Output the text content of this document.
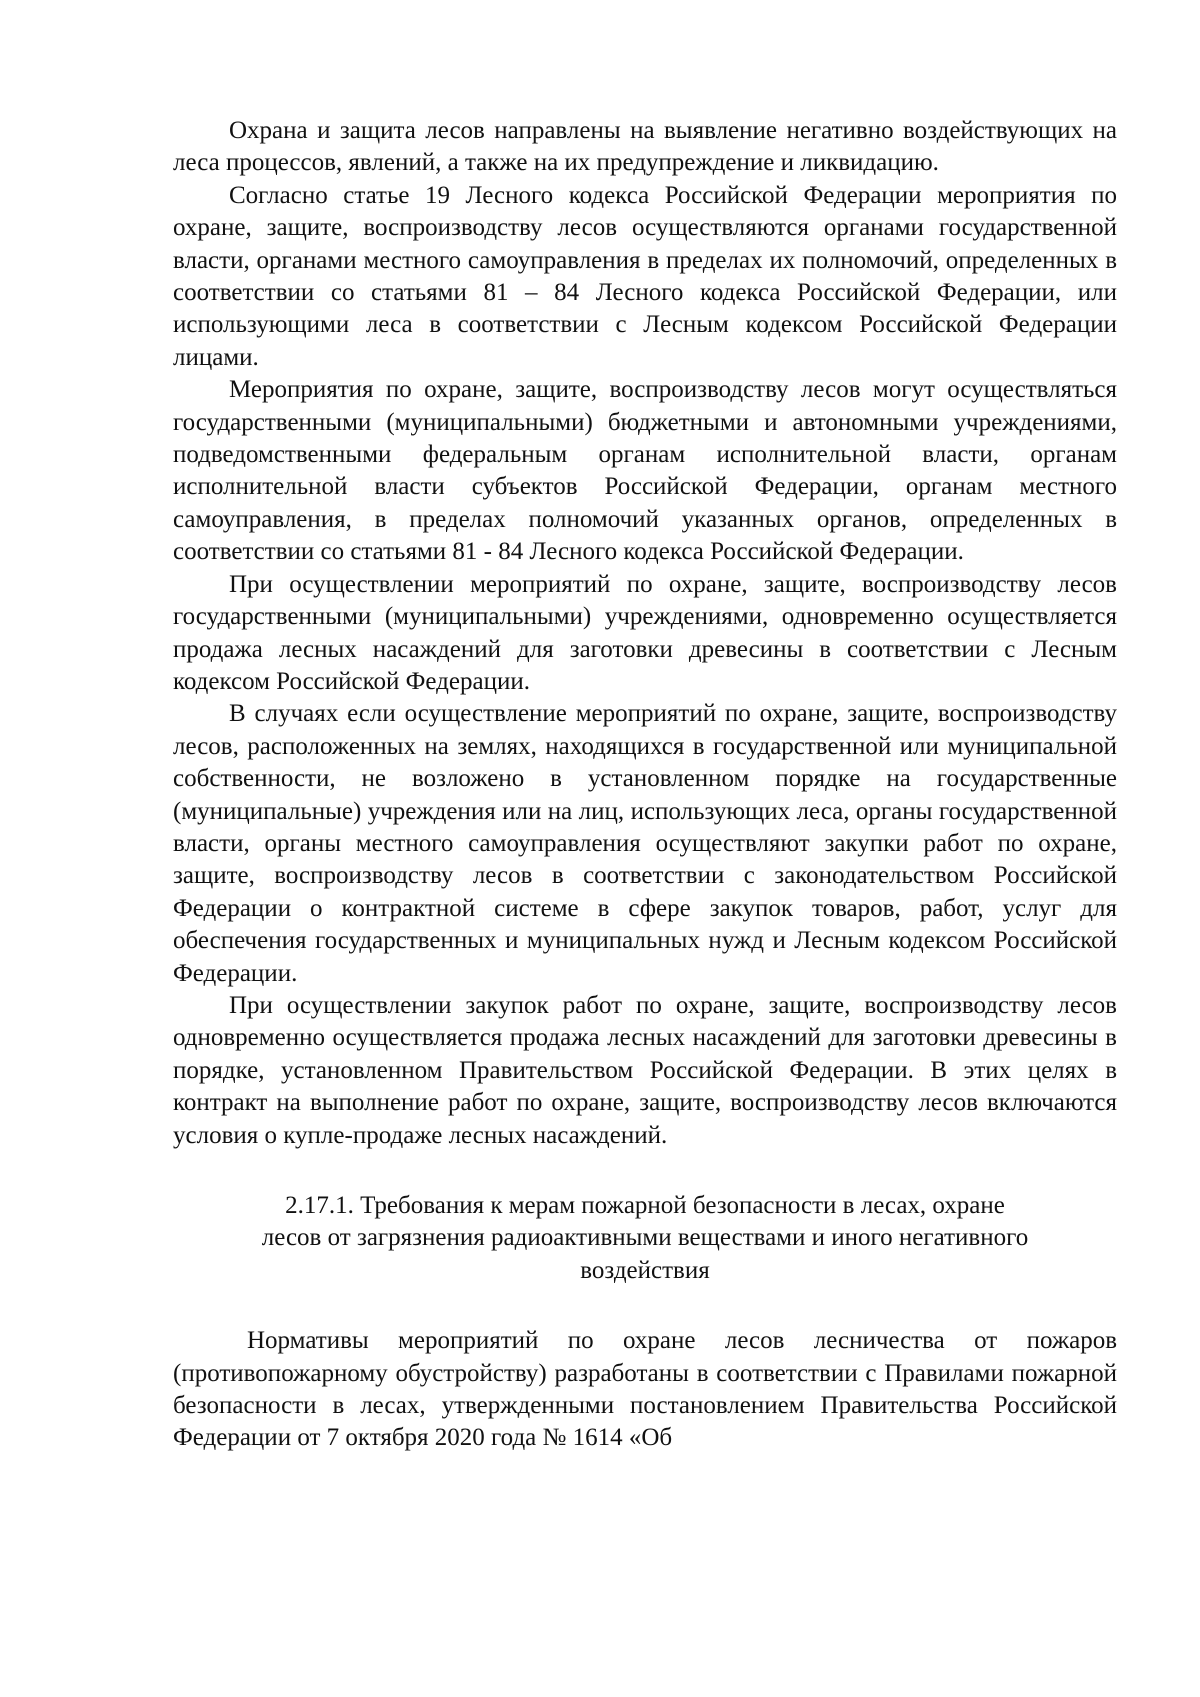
Охрана и защита лесов направлены на выявление негативно воздействующих на леса процессов, явлений, а также на их предупреждение и ликвидацию.

Согласно статье 19 Лесного кодекса Российской Федерации мероприятия по охране, защите, воспроизводству лесов осуществляются органами государственной власти, органами местного самоуправления в пределах их полномочий, определенных в соответствии со статьями 81 – 84 Лесного кодекса Российской Федерации, или использующими леса в соответствии с Лесным кодексом Российской Федерации лицами.

Мероприятия по охране, защите, воспроизводству лесов могут осуществляться государственными (муниципальными) бюджетными и автономными учреждениями, подведомственными федеральным органам исполнительной власти, органам исполнительной власти субъектов Российской Федерации, органам местного самоуправления, в пределах полномочий указанных органов, определенных в соответствии со статьями 81 - 84 Лесного кодекса Российской Федерации.

При осуществлении мероприятий по охране, защите, воспроизводству лесов государственными (муниципальными) учреждениями, одновременно осуществляется продажа лесных насаждений для заготовки древесины в соответствии с Лесным кодексом Российской Федерации.

В случаях если осуществление мероприятий по охране, защите, воспроизводству лесов, расположенных на землях, находящихся в государственной или муниципальной собственности, не возложено в установленном порядке на государственные (муниципальные) учреждения или на лиц, использующих леса, органы государственной власти, органы местного самоуправления осуществляют закупки работ по охране, защите, воспроизводству лесов в соответствии с законодательством Российской Федерации о контрактной системе в сфере закупок товаров, работ, услуг для обеспечения государственных и муниципальных нужд и Лесным кодексом Российской Федерации.

При осуществлении закупок работ по охране, защите, воспроизводству лесов одновременно осуществляется продажа лесных насаждений для заготовки древесины в порядке, установленном Правительством Российской Федерации. В этих целях в контракт на выполнение работ по охране, защите, воспроизводству лесов включаются условия о купле-продаже лесных насаждений.

2.17.1. Требования к мерам пожарной безопасности в лесах, охране
лесов от загрязнения радиоактивными веществами и иного негативного
воздействия

Нормативы мероприятий по охране лесов лесничества от пожаров (противопожарному обустройству) разработаны в соответствии с Правилами пожарной безопасности в лесах, утвержденными постановлением Правительства Российской Федерации от 7 октября 2020 года № 1614 «Об
